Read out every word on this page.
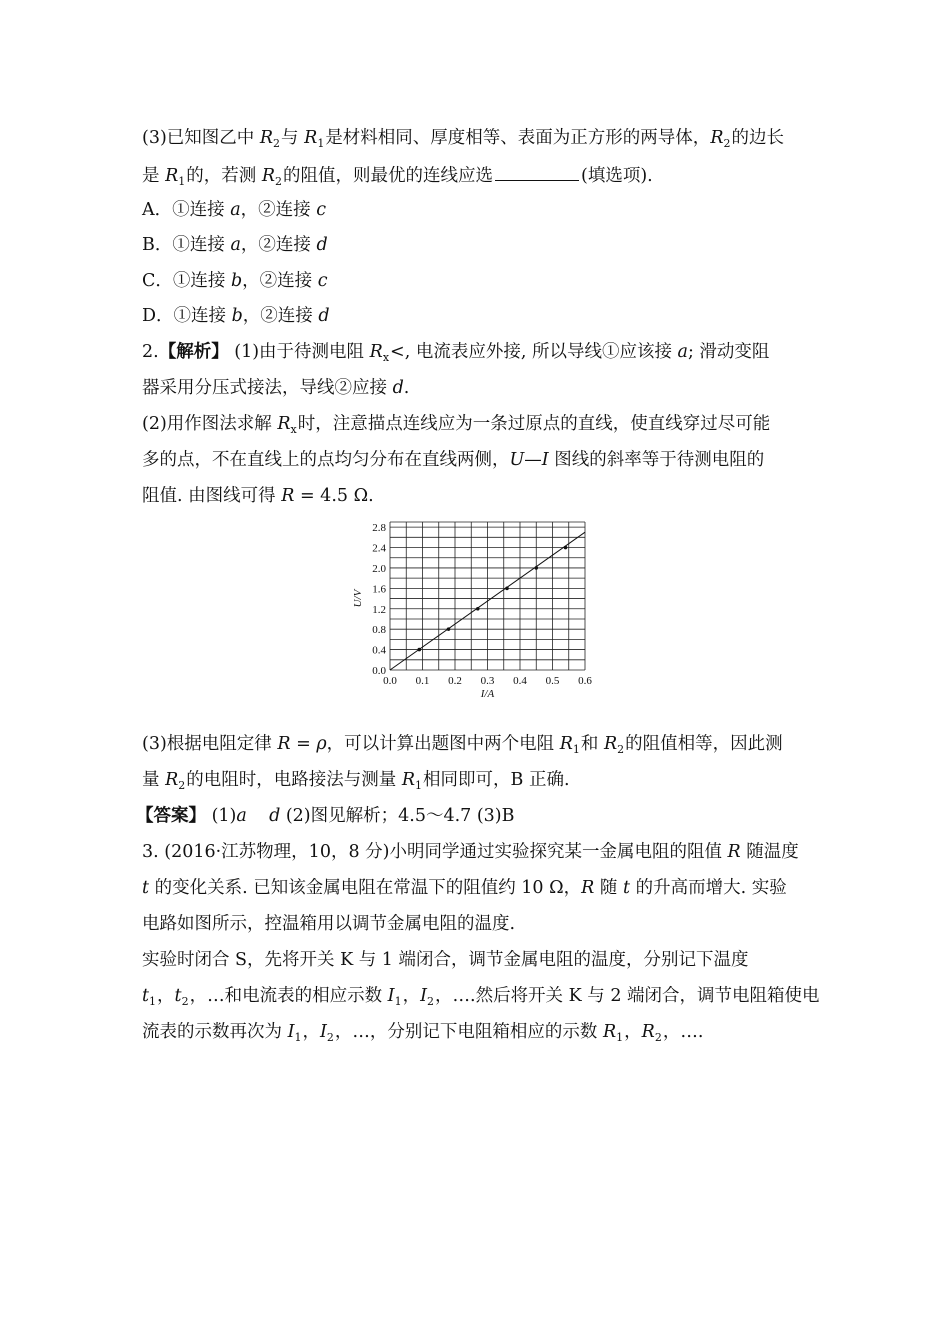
(3)已知图乙中 $R_2$与 $R_1$是材料相同、厚度相等、表面为正方形的两导体，$R_2$的边长
是 $R_1$的，若测 $R_2$的阻值，则最优的连线应选	(填选项).
A．①连接 a，②连接 c
B．①连接 a，②连接 d
C．①连接 b，②连接 c
D．①连接 b，②连接 d
2.【解析】 (1)由于待测电阻 $R_x<$, 电流表应外接, 所以导线①应该接 a; 滑动变阻
器采用分压式接法，导线②应接 d.
(2)用作图法求解 $R_x$时，注意描点连线应为一条过原点的直线，使直线穿过尽可能
多的点，不在直线上的点均匀分布在直线两侧，U—I 图线的斜率等于待测电阻的
阻值. 由图线可得 R = 4.5 Ω.
0.0 0.1 0.2 0.3 0.4 0.5 0.6
0.0
0.4
0.8
1.2
1.6
2.0
2.4
2.8
I/A
U/V
(3)根据电阻定律 R = ρ，可以计算出题图中两个电阻 $R_1$和 $R_2$的阻值相等，因此测
量 $R_2$的电阻时，电路接法与测量 $R_1$相同即可，B 正确.
【答案】 (1)a d (2)图见解析；4.5～4.7 (3)B
3. (2016·江苏物理，10，8 分)小明同学通过实验探究某一金属电阻的阻值 R 随温度
t 的变化关系. 已知该金属电阻在常温下的阻值约 10 Ω，R 随 t 的升高而增大. 实验
电路如图所示，控温箱用以调节金属电阻的温度.
实验时闭合 S，先将开关 K 与 1 端闭合，调节金属电阻的温度，分别记下温度
$t_1$，$t_2$，…和电流表的相应示数 $I_1$，$I_2$，….然后将开关 K 与 2 端闭合，调节电阻箱使电
流表的示数再次为 $I_1$，$I_2$，…，分别记下电阻箱相应的示数 $R_1$，$R_2$，….
